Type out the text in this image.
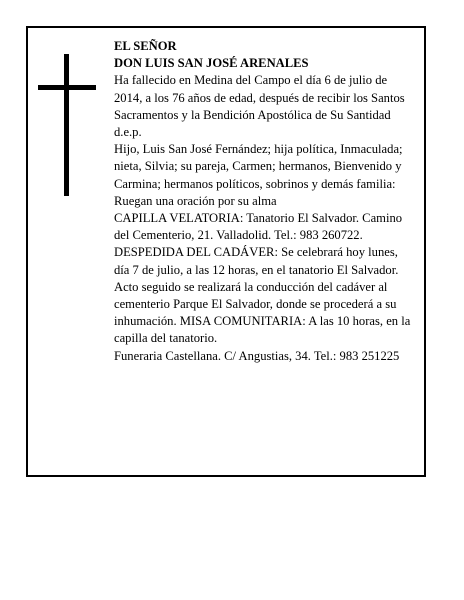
EL SEÑOR
DON LUIS SAN JOSÉ ARENALES
Ha fallecido en Medina del Campo el día 6 de julio de 2014, a los 76 años de edad, después de recibir los Santos Sacramentos y la Bendición Apostólica de Su Santidad
d.e.p.
Hijo, Luis San José Fernández; hija política, Inmaculada; nieta, Silvia; su pareja, Carmen; hermanos, Bienvenido y Carmina; hermanos políticos, sobrinos y demás familia:
Ruegan una oración por su alma
CAPILLA VELATORIA: Tanatorio El Salvador. Camino del Cementerio, 21. Valladolid. Tel.: 983 260722.
DESPEDIDA DEL CADÁVER: Se celebrará hoy lunes, día 7 de julio, a las 12 horas, en el tanatorio El Salvador. Acto seguido se realizará la conducción del cadáver al cementerio Parque El Salvador, donde se procederá a su inhumación. MISA COMUNITARIA: A las 10 horas, en la capilla del tanatorio.
Funeraria Castellana. C/ Angustias, 34. Tel.: 983 251225
